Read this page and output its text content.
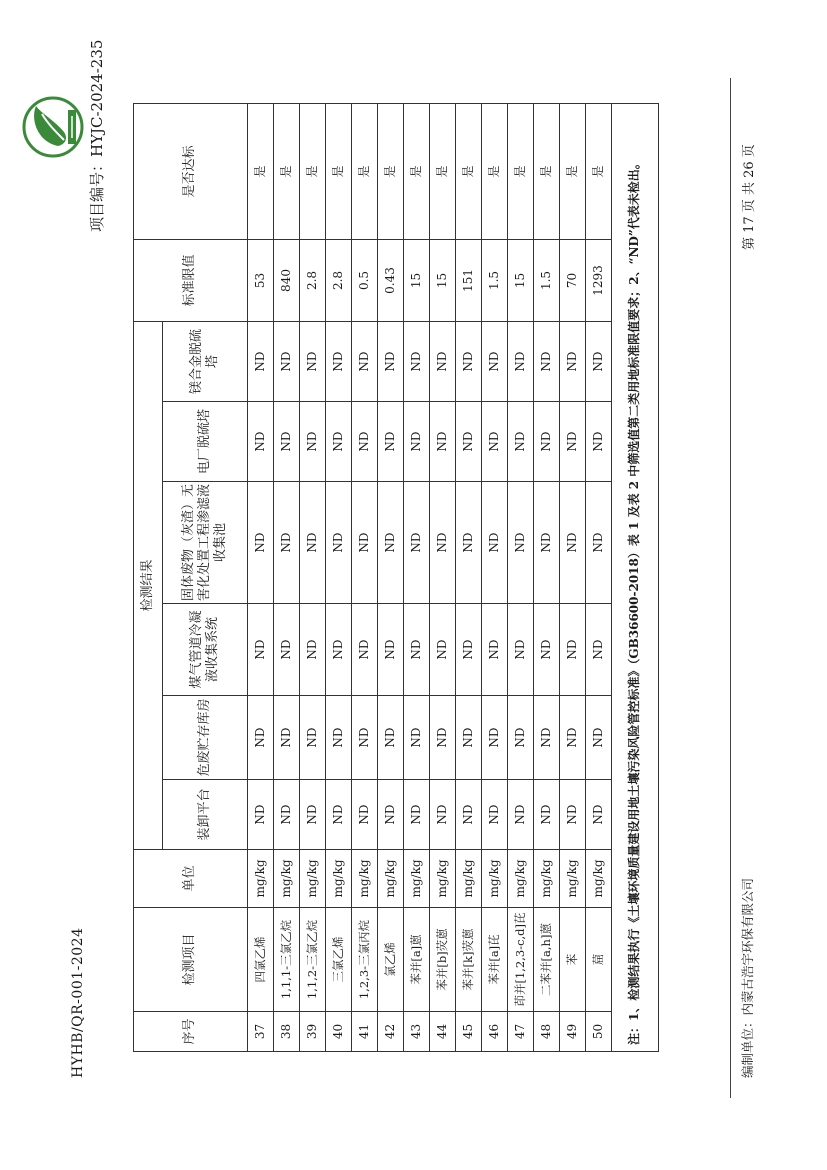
HYHB/QR-001-2024
项目编号：HYJC-2024-235
序号	检测项目	单位	检测结果						标准限值	是否达标
			装卸平台	危废贮存库房	煤气管道冷凝液收集系统	固体废物（灰渣）无害化处置工程渗滤液收集池	电厂脱硫塔	镁合金脱硫塔		
37	四氯乙烯	mg/kg	ND	ND	ND	ND	ND	ND	53	是
38	1,1,1-三氯乙烷	mg/kg	ND	ND	ND	ND	ND	ND	840	是
39	1,1,2-三氯乙烷	mg/kg	ND	ND	ND	ND	ND	ND	2.8	是
40	三氯乙烯	mg/kg	ND	ND	ND	ND	ND	ND	2.8	是
41	1,2,3-三氯丙烷	mg/kg	ND	ND	ND	ND	ND	ND	0.5	是
42	氯乙烯	mg/kg	ND	ND	ND	ND	ND	ND	0.43	是
43	苯并[a]蒽	mg/kg	ND	ND	ND	ND	ND	ND	15	是
44	苯并[b]荧蒽	mg/kg	ND	ND	ND	ND	ND	ND	15	是
45	苯并[k]荧蒽	mg/kg	ND	ND	ND	ND	ND	ND	151	是
46	苯并[a]芘	mg/kg	ND	ND	ND	ND	ND	ND	1.5	是
47	茚并[1,2,3-c,d]芘	mg/kg	ND	ND	ND	ND	ND	ND	15	是
48	二苯并[a,h]蒽	mg/kg	ND	ND	ND	ND	ND	ND	1.5	是
49	苯	mg/kg	ND	ND	ND	ND	ND	ND	70	是
50	䓛	mg/kg	ND	ND	ND	ND	ND	ND	1293	是
注：1、检测结果执行《土壤环境质量建设用地土壤污染风险管控标准》（GB36600-2018）表 1 及表 2 中筛选值第二类用地标准限值要求；2、“ND”代表未检出。											编制单位：内蒙古浩宇环保有限公司
第 17 页 共 26 页
